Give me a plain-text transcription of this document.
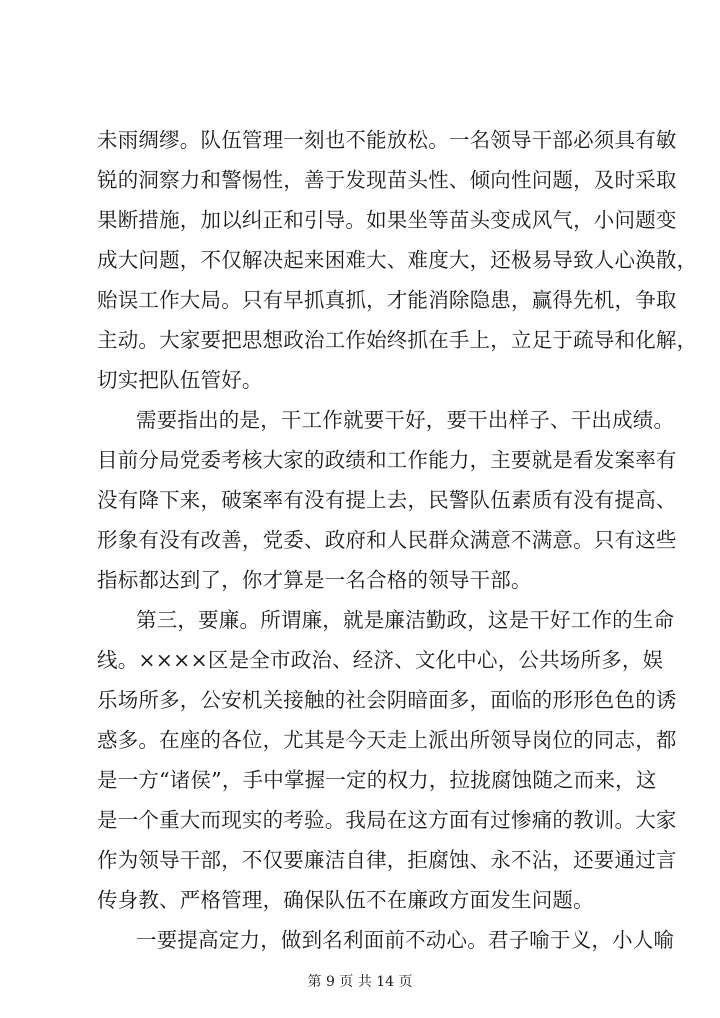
未雨绸缪。队伍管理一刻也不能放松。一名领导干部必须具有敏
锐的洞察力和警惕性，善于发现苗头性、倾向性问题，及时采取
果断措施，加以纠正和引导。如果坐等苗头变成风气，小问题变
成大问题，不仅解决起来困难大、难度大，还极易导致人心涣散，
贻误工作大局。只有早抓真抓，才能消除隐患，赢得先机，争取
主动。大家要把思想政治工作始终抓在手上，立足于疏导和化解，
切实把队伍管好。
需要指出的是，干工作就要干好，要干出样子、干出成绩。
目前分局党委考核大家的政绩和工作能力，主要就是看发案率有
没有降下来，破案率有没有提上去，民警队伍素质有没有提高、
形象有没有改善，党委、政府和人民群众满意不满意。只有这些
指标都达到了，你才算是一名合格的领导干部。
第三，要廉。所谓廉，就是廉洁勤政，这是干好工作的生命
线。××××区是全市政治、经济、文化中心，公共场所多，娱
乐场所多，公安机关接触的社会阴暗面多，面临的形形色色的诱
惑多。在座的各位，尤其是今天走上派出所领导岗位的同志，都
是一方“诸侯”，手中掌握一定的权力，拉拢腐蚀随之而来，这
是一个重大而现实的考验。我局在这方面有过惨痛的教训。大家
作为领导干部，不仅要廉洁自律，拒腐蚀、永不沾，还要通过言
传身教、严格管理，确保队伍不在廉政方面发生问题。
一要提高定力，做到名利面前不动心。君子喻于义，小人喻
第 9 页 共 14 页
